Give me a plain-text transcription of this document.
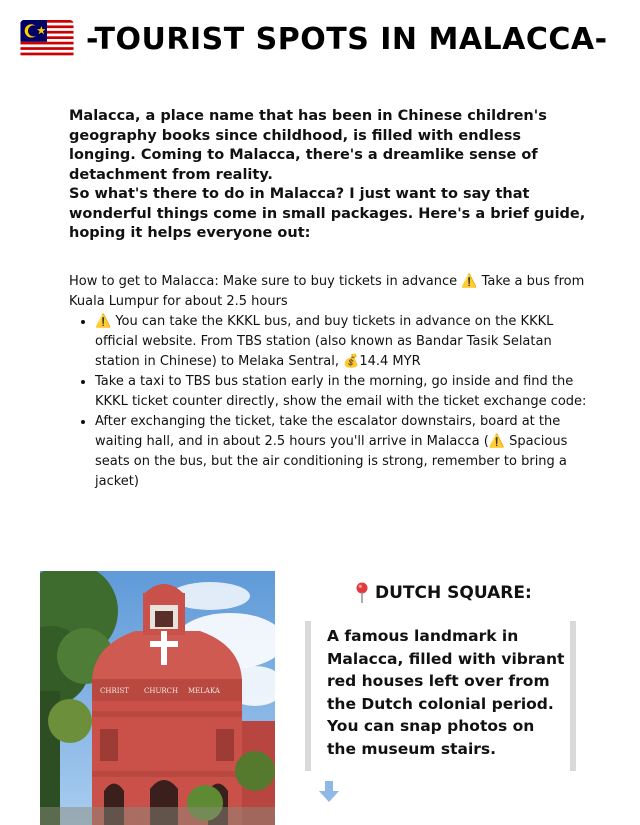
-TOURIST SPOTS IN MALACCA-

Malacca, a place name that has been in Chinese children's geography books since childhood, is filled with endless longing. Coming to Malacca, there's a dreamlike sense of detachment from reality.

So what's there to do in Malacca? I just want to say that wonderful things come in small packages. Here's a brief guide, hoping it helps everyone out:

How to get to Malacca: Make sure to buy tickets in advance ⚠️ Take a bus from Kuala Lumpur for about 2.5 hours

• ⚠️ You can take the KKKL bus, and buy tickets in advance on the KKKL official website. From TBS station (also known as Bandar Tasik Selatan station in Chinese) to Melaka Sentral, 💰14.4 MYR
• Take a taxi to TBS bus station early in the morning, go inside and find the KKKL ticket counter directly, show the email with the ticket exchange code:
• After exchanging the ticket, take the escalator downstairs, board at the waiting hall, and in about 2.5 hours you'll arrive in Malacca (⚠️ Spacious seats on the bus, but the air conditioning is strong, remember to bring a jacket)
CHRIST CHURCH MELAKA
DUTCH SQUARE:
A famous landmark in Malacca, filled with vibrant red houses left over from the Dutch colonial period. You can snap photos on the museum stairs.
